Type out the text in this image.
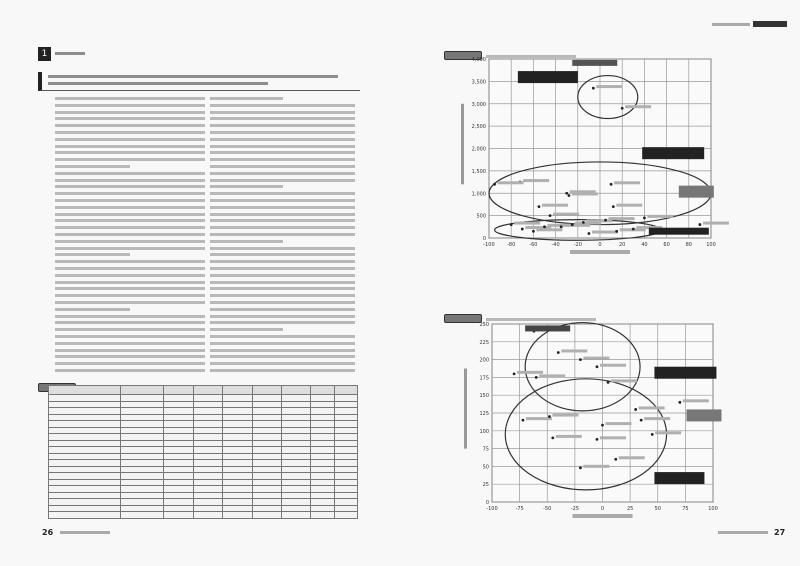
1

26
-100 -80	-60	-40	-20	0	20	40	60	80	100
0
500
1,000
1,500
2,000
2,500
3,000
3,500
4,000
-100	-75	-50	-25	0	25	50	75	100
0
25
50
75
100
125
150
175
200
225
250
27
